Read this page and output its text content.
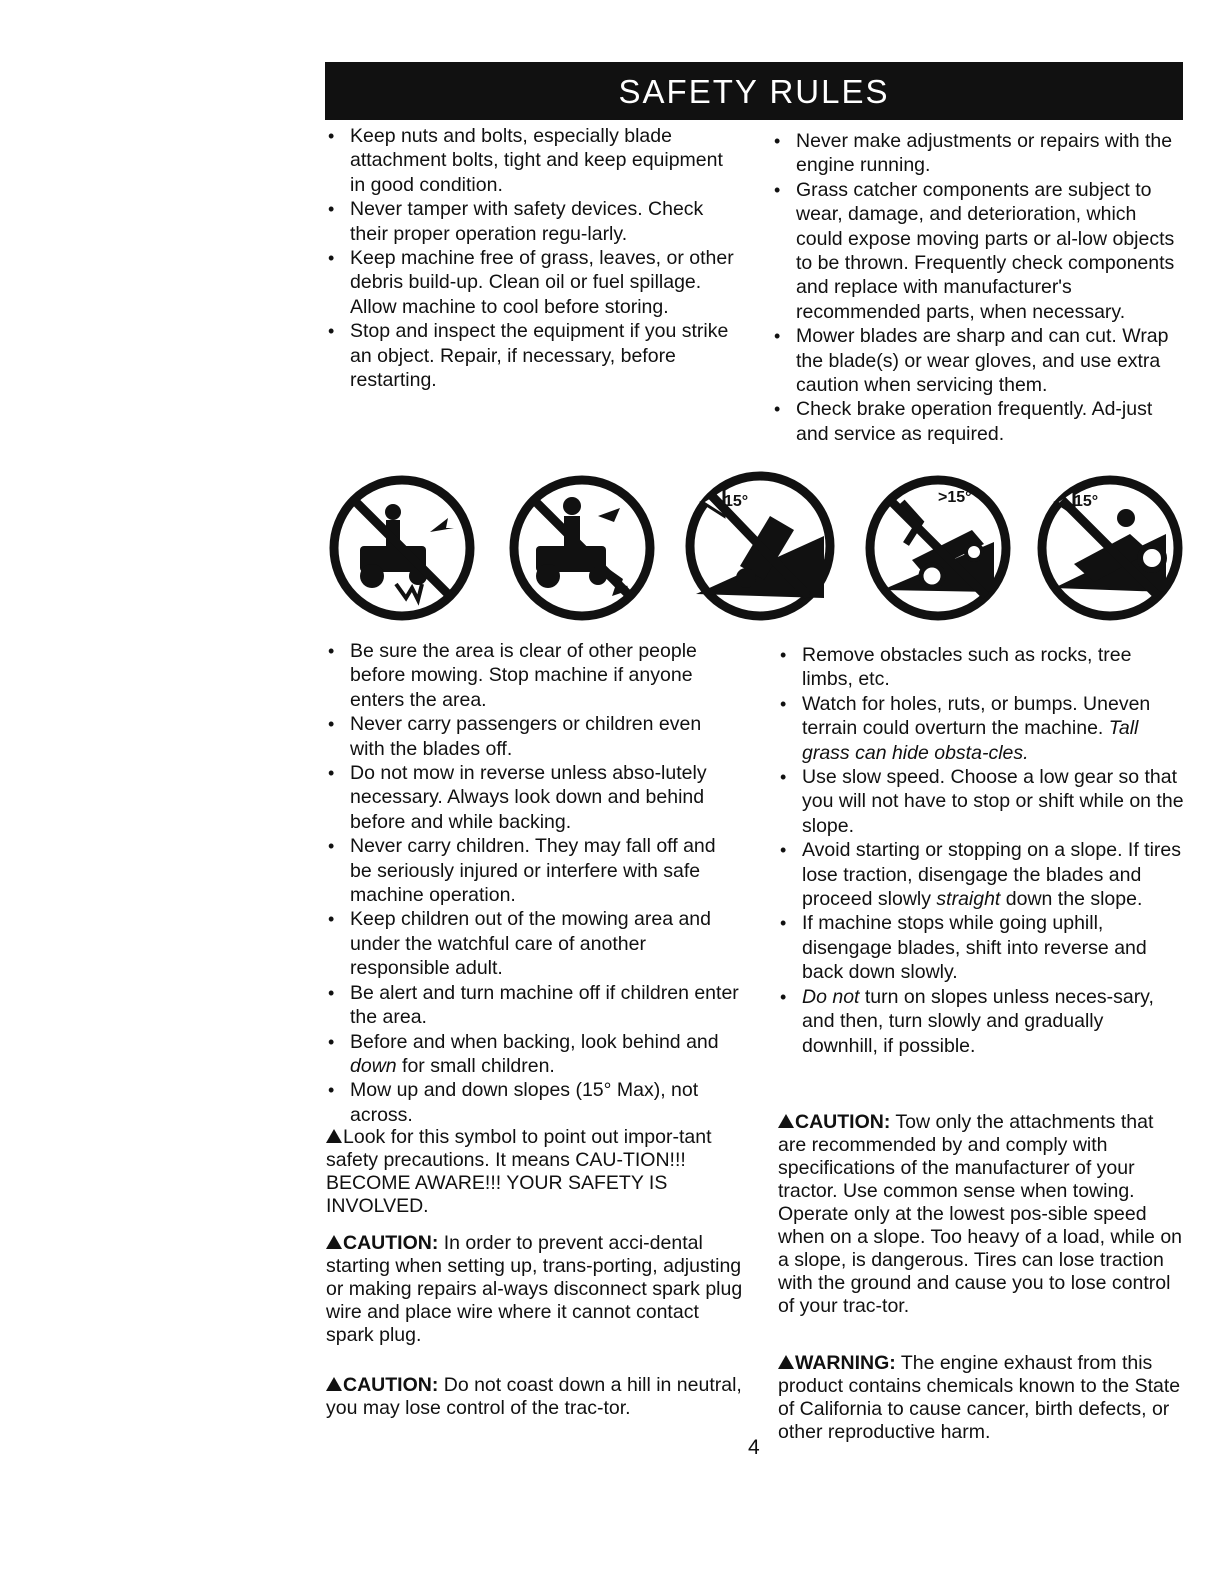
SAFETY RULES
• Keep nuts and bolts, especially blade attachment bolts, tight and keep equipment in good condition.
• Never tamper with safety devices. Check their proper operation regu-larly.
• Keep machine free of grass, leaves, or other debris build-up. Clean oil or fuel spillage. Allow machine to cool before storing.
• Stop and inspect the equipment if you strike an object. Repair, if necessary, before restarting.
• Never make adjustments or repairs with the engine running.
• Grass catcher components are subject to wear, damage, and deterioration, which could expose moving parts or al-low objects to be thrown. Frequently check components and replace with manufacturer's recommended parts, when necessary.
• Mower blades are sharp and can cut. Wrap the blade(s) or wear gloves, and use extra caution when servicing them.
• Check brake operation frequently. Ad-just and service as required.
15°	>15°	15°
• Be sure the area is clear of other people before mowing. Stop machine if anyone enters the area.
• Never carry passengers or children even with the blades off.
• Do not mow in reverse unless abso-lutely necessary. Always look down and behind before and while backing.
• Never carry children. They may fall off and be seriously injured or interfere with safe machine operation.
• Keep children out of the mowing area and under the watchful care of another responsible adult.
• Be alert and turn machine off if children enter the area.
• Before and when backing, look behind and down for small children.
• Mow up and down slopes (15° Max), not across.
• Remove obstacles such as rocks, tree limbs, etc.
• Watch for holes, ruts, or bumps. Uneven terrain could overturn the machine. Tall grass can hide obsta-cles.
• Use slow speed. Choose a low gear so that you will not have to stop or shift while on the slope.
• Avoid starting or stopping on a slope. If tires lose traction, disengage the blades and proceed slowly straight down the slope.
• If machine stops while going uphill, disengage blades, shift into reverse and back down slowly.
• Do not turn on slopes unless neces-sary, and then, turn slowly and gradually downhill, if possible.
Look for this symbol to point out impor-tant safety precautions. It means CAU-TION!!! BECOME AWARE!!! YOUR SAFETY IS INVOLVED.
CAUTION: In order to prevent acci-dental starting when setting up, trans-porting, adjusting or making repairs al-ways disconnect spark plug wire and place wire where it cannot contact spark plug.
CAUTION: Do not coast down a hill in neutral, you may lose control of the trac-tor.
CAUTION: Tow only the attachments that are recommended by and comply with specifications of the manufacturer of your tractor. Use common sense when towing. Operate only at the lowest pos-sible speed when on a slope. Too heavy of a load, while on a slope, is dangerous. Tires can lose traction with the ground and cause you to lose control of your trac-tor.
WARNING: The engine exhaust from this product contains chemicals known to the State of California to cause cancer, birth defects, or other reproductive harm.
4
